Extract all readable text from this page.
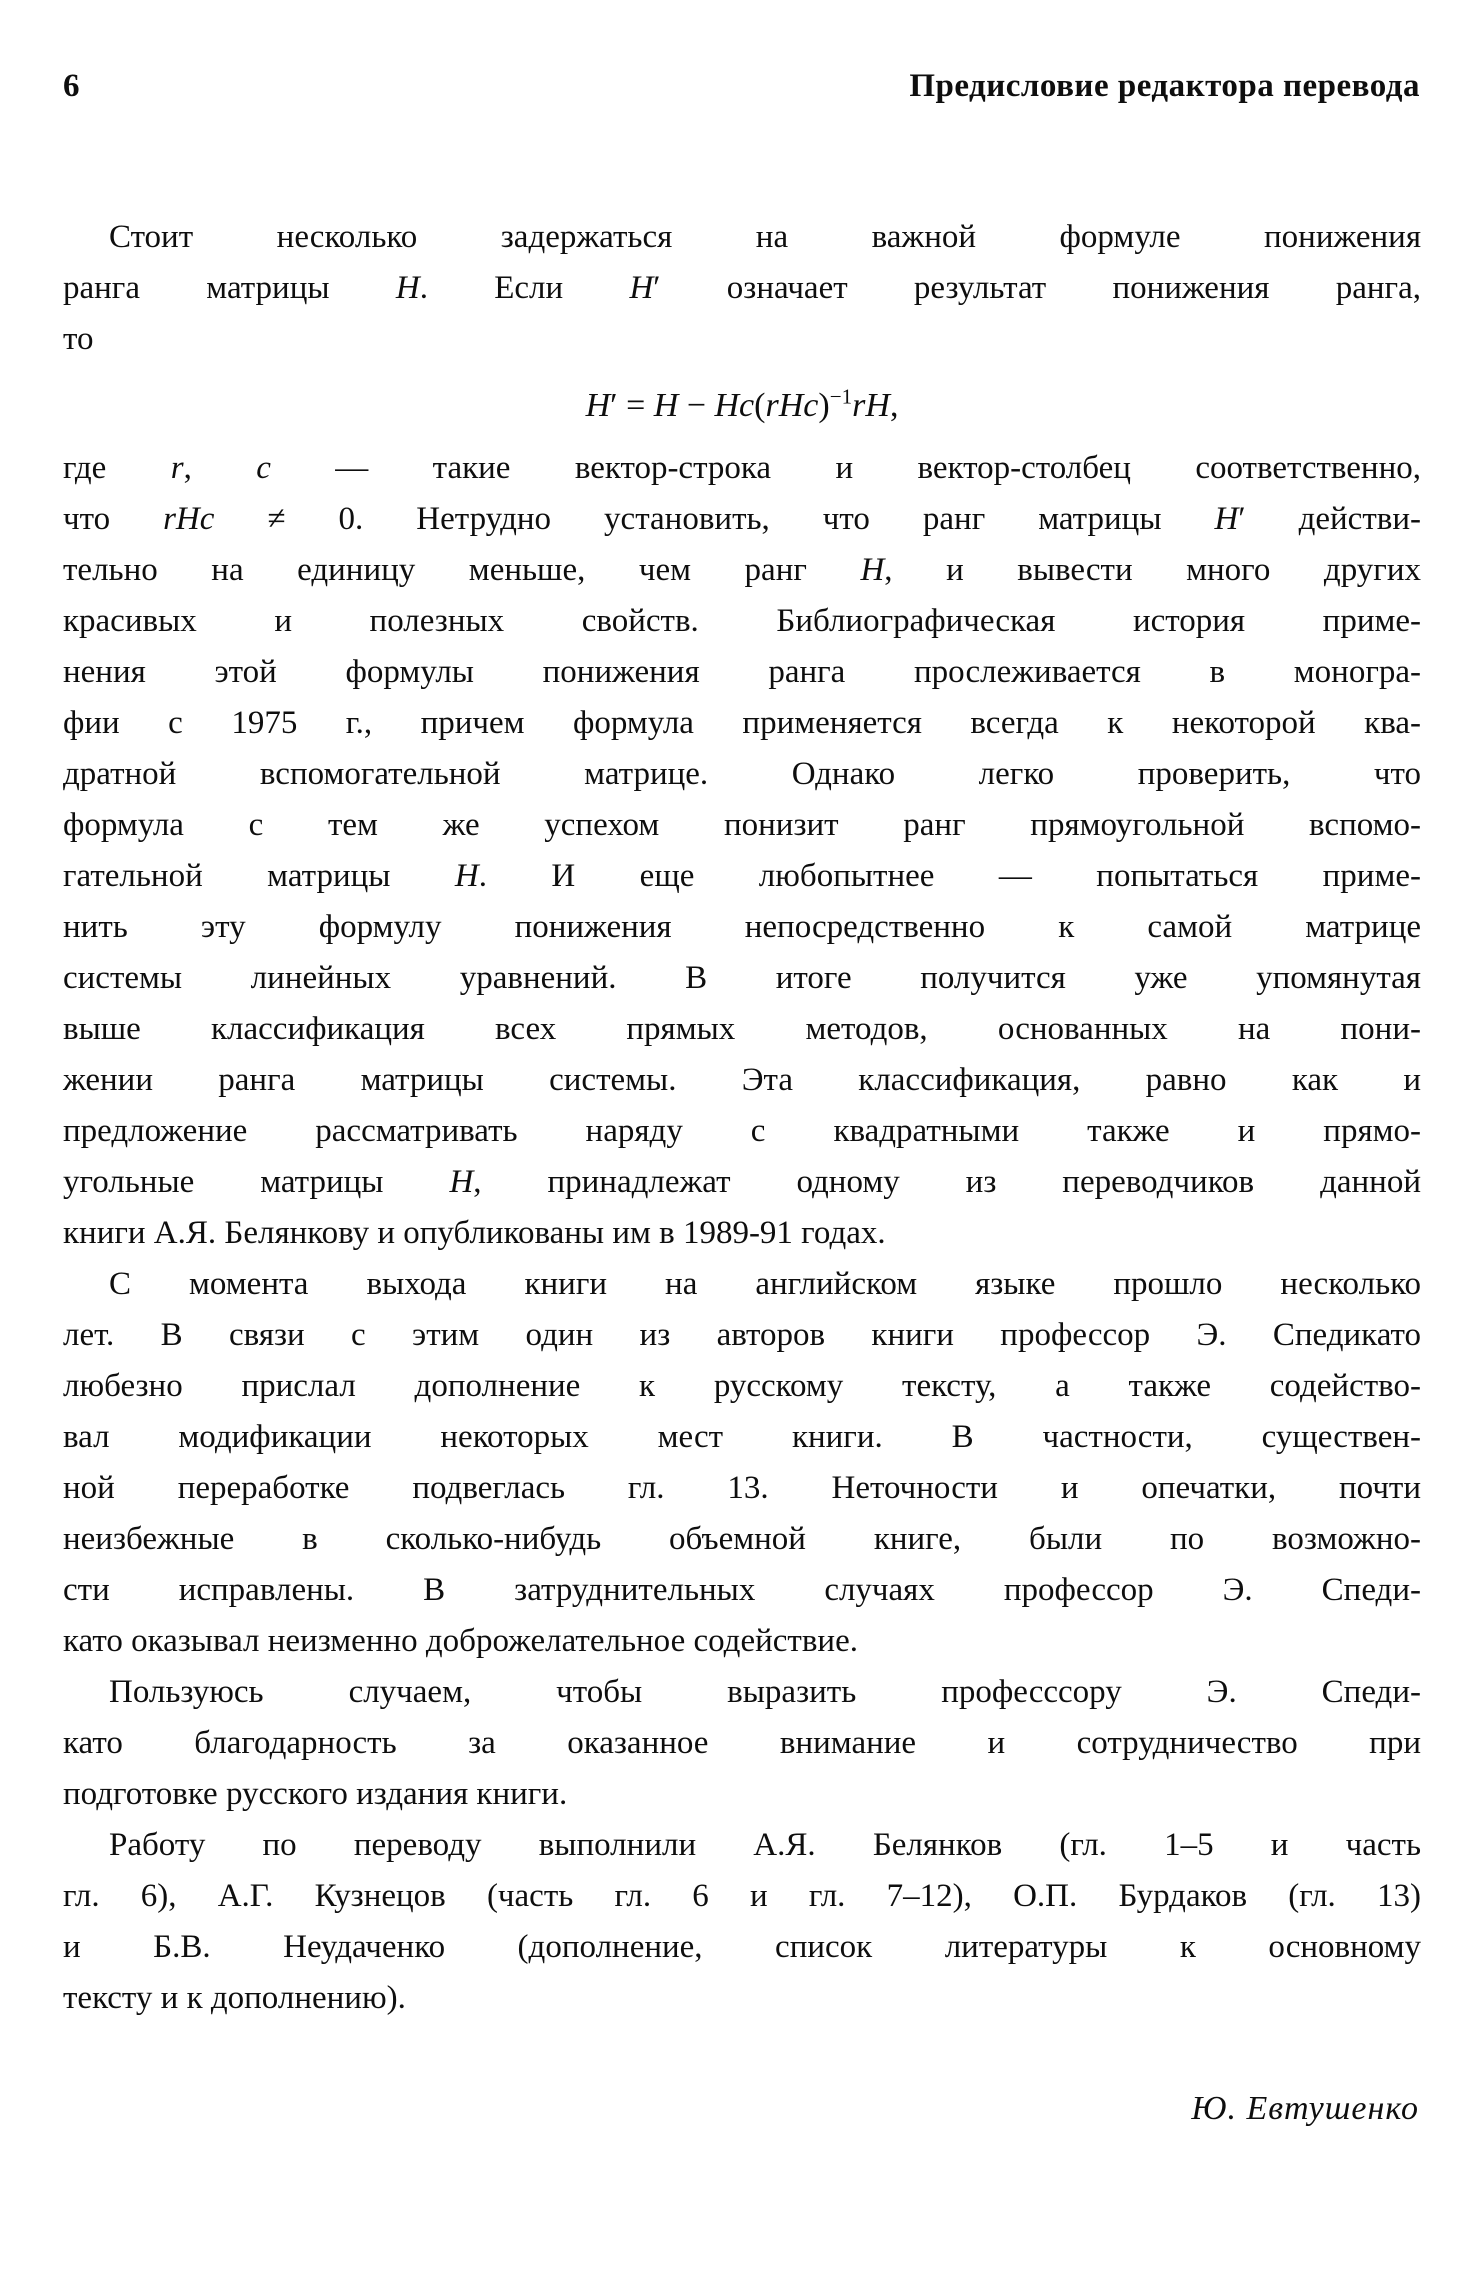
6	Предисловие редактора перевода
Стоит несколько задержаться на важной формуле понижения
ранга матрицы H. Если H′ означает результат понижения ранга,
то
H′ = H − Hc(rHc)$^{-1}$rH,
где r, c — такие вектор-строка и вектор-столбец соответственно,
что rHc ≠ 0. Нетрудно установить, что ранг матрицы H′ действи-
тельно на единицу меньше, чем ранг H, и вывести много других
красивых и полезных свойств. Библиографическая история приме-
нения этой формулы понижения ранга прослеживается в моногра-
фии с 1975 г., причем формула применяется всегда к некоторой ква-
дратной вспомогательной матрице. Однако легко проверить, что
формула с тем же успехом понизит ранг прямоугольной вспомо-
гательной матрицы H. И еще любопытнее — попытаться приме-
нить эту формулу понижения непосредственно к самой матрице
системы линейных уравнений. В итоге получится уже упомянутая
выше классификация всех прямых методов, основанных на пони-
жении ранга матрицы системы. Эта классификация, равно как и
предложение рассматривать наряду с квадратными также и прямо-
угольные матрицы H, принадлежат одному из переводчиков данной
книги А.Я. Белянкову и опубликованы им в 1989-91 годах.
С момента выхода книги на английском языке прошло несколько
лет. В связи с этим один из авторов книги профессор Э. Спедикато
любезно прислал дополнение к русскому тексту, а также содейство-
вал модификации некоторых мест книги. В частности, существен-
ной переработке подвеглась гл. 13. Неточности и опечатки, почти
неизбежные в сколько-нибудь объемной книге, были по возможно-
сти исправлены. В затруднительных случаях профессор Э. Спеди-
като оказывал неизменно доброжелательное содействие.
Пользуюсь случаем, чтобы выразить професссору Э. Спеди-
като благодарность за оказанное внимание и сотрудничество при
подготовке русского издания книги.
Работу по переводу выполнили А.Я. Белянков (гл. 1–5 и часть
гл. 6), А.Г. Кузнецов (часть гл. 6 и гл. 7–12), О.П. Бурдаков (гл. 13)
и Б.В. Неудаченко (дополнение, список литературы к основному
тексту и к дополнению).
Ю. Евтушенко
